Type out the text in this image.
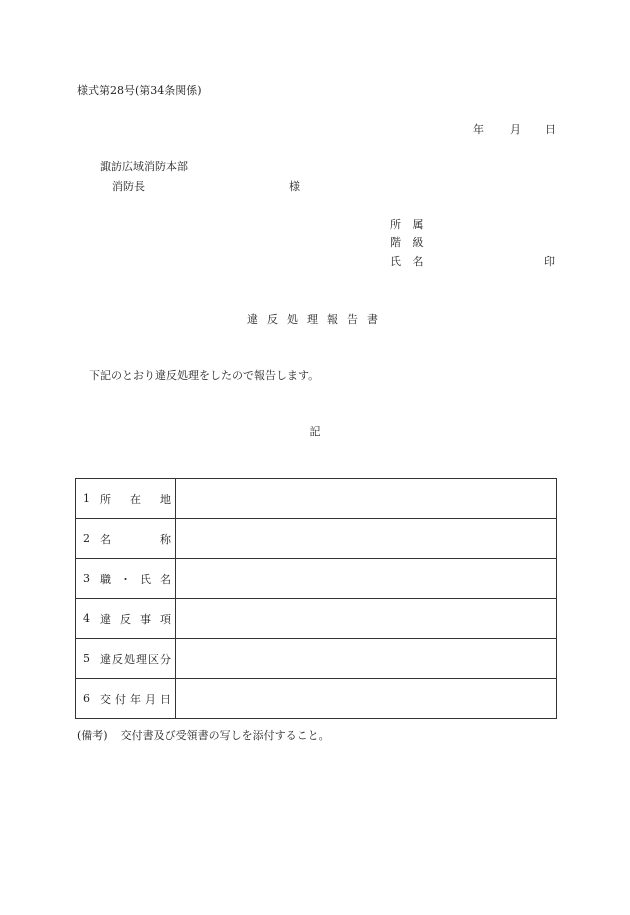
様式第28号(第34条関係)
年 月 日
諏訪広域消防本部
消防長	様
所 属
階 級
氏 名	印
違反処理報告書
下記のとおり違反処理をしたので報告します。
記
1 所在地	

2 名称	

3 職・氏名	

4 違反事項	

5 違反処理区分	

6 交付年月日	

(備考) 交付書及び受領書の写しを添付すること。
